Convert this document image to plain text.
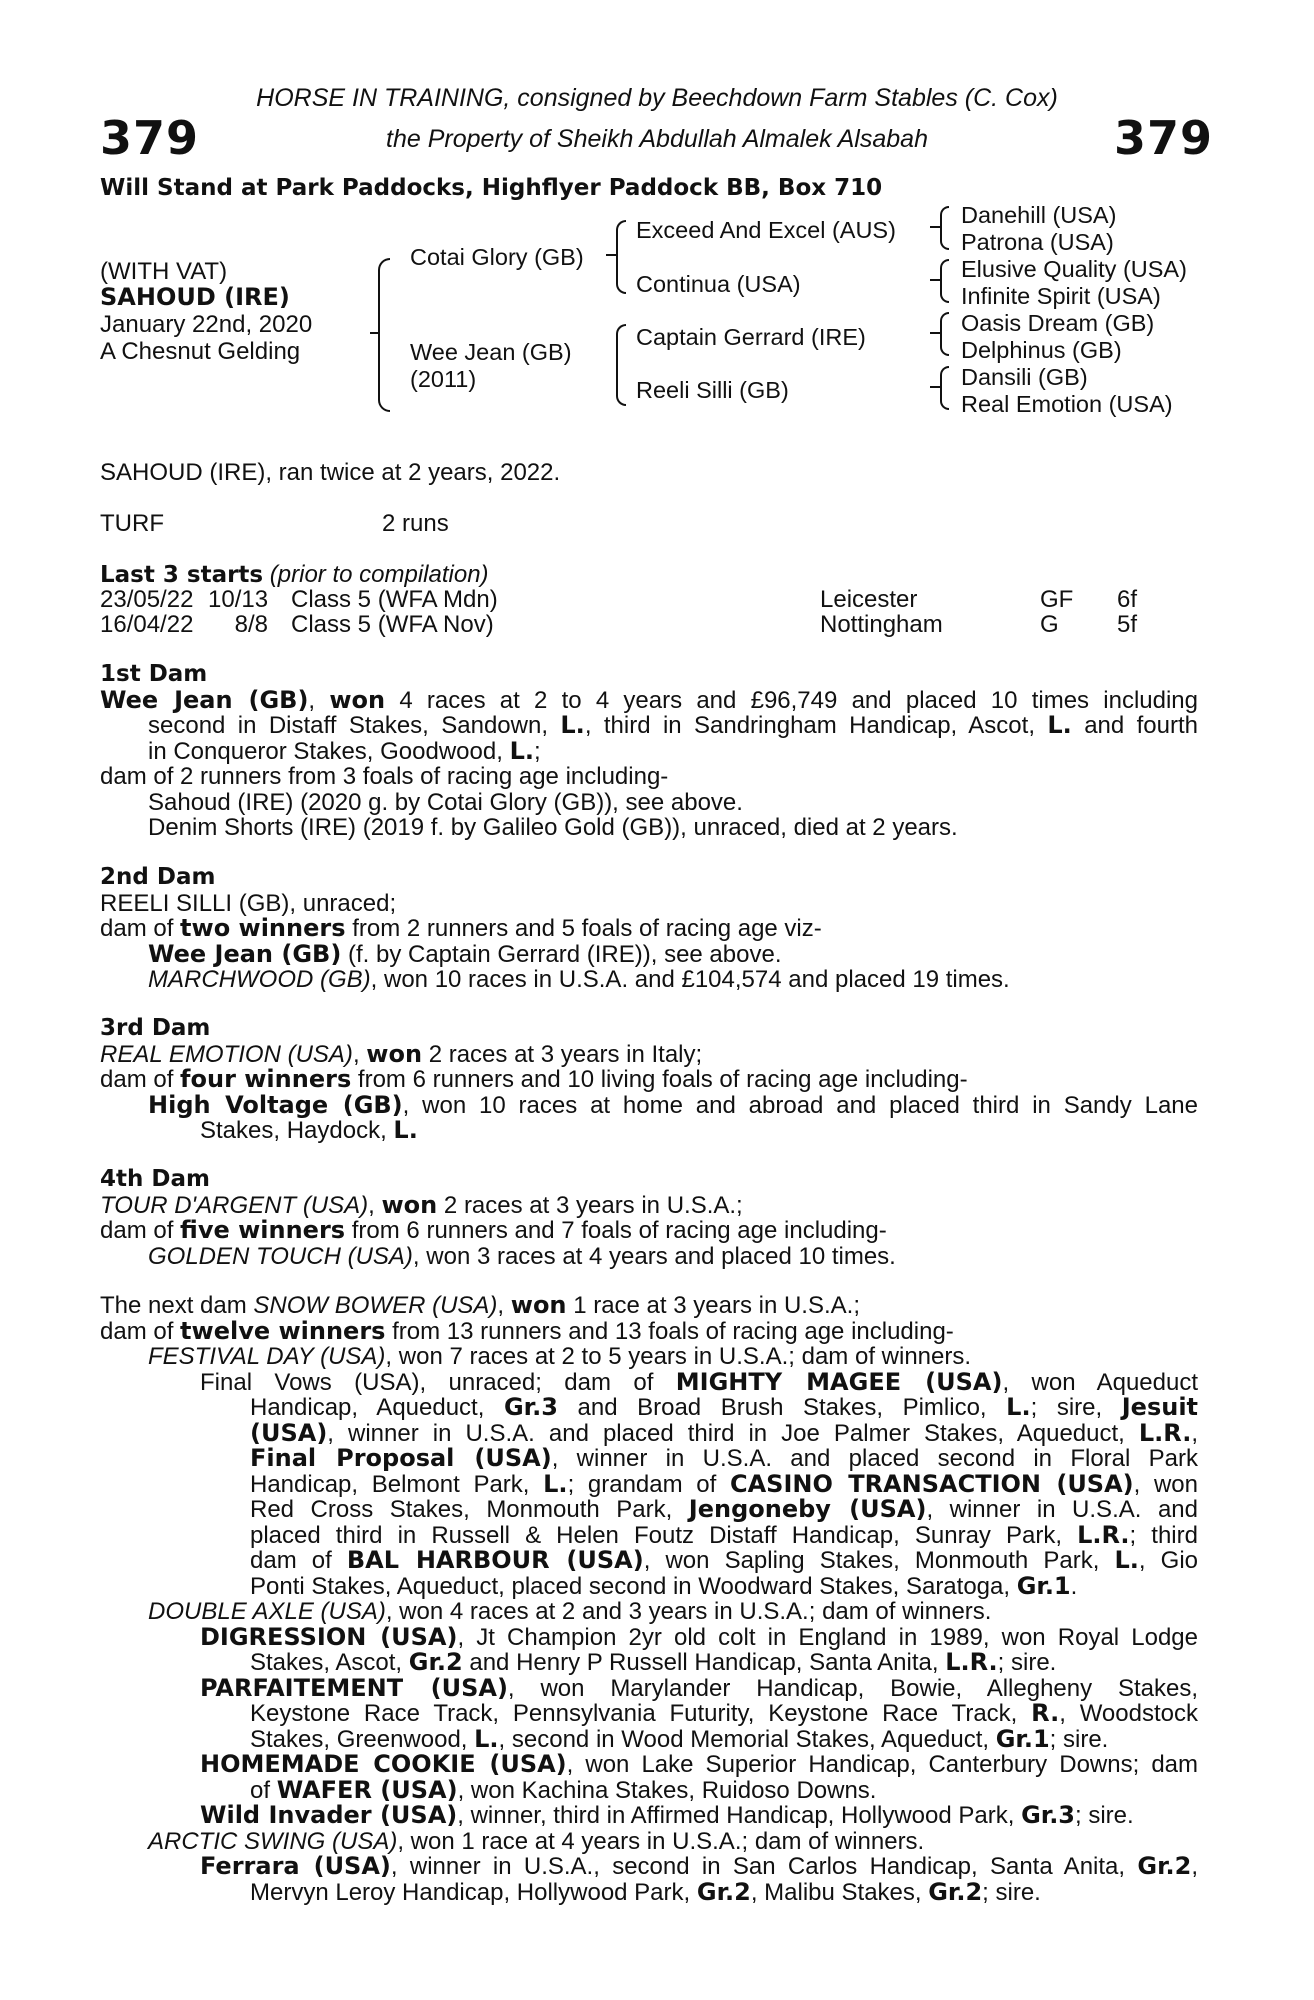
379	379
HORSE IN TRAINING, consigned by Beechdown Farm Stables (C. Cox)
the Property of Sheikh Abdullah Almalek Alsabah
Will Stand at Park Paddocks, Highflyer Paddock BB, Box 710
(WITH VAT)
SAHOUD (IRE)
January 22nd, 2020
A Chesnut Gelding
Cotai Glory (GB)
Wee Jean (GB)
(2011)
Exceed And Excel (AUS)
Continua (USA)
Captain Gerrard (IRE)
Reeli Silli (GB)
Danehill (USA)
Patrona (USA)
Elusive Quality (USA)
Infinite Spirit (USA)
Oasis Dream (GB)
Delphinus (GB)
Dansili (GB)
Real Emotion (USA)
SAHOUD (IRE), ran twice at 2 years, 2022.
TURF	2 runs
Last 3 starts (prior to compilation)
23/05/22 10/13 Class 5 (WFA Mdn)	Leicester	GF 6f
16/04/22	8/8 Class 5 (WFA Nov)	Nottingham	G 5f
1st Dam
Wee Jean (GB), won 4 races at 2 to 4 years and £96,749 and placed 10 times including
second in Distaff Stakes, Sandown, L., third in Sandringham Handicap, Ascot, L. and fourth
in Conqueror Stakes, Goodwood, L.;
dam of 2 runners from 3 foals of racing age including-
Sahoud (IRE) (2020 g. by Cotai Glory (GB)), see above.
Denim Shorts (IRE) (2019 f. by Galileo Gold (GB)), unraced, died at 2 years.
2nd Dam
REELI SILLI (GB), unraced;
dam of two winners from 2 runners and 5 foals of racing age viz-
Wee Jean (GB) (f. by Captain Gerrard (IRE)), see above.
MARCHWOOD (GB), won 10 races in U.S.A. and £104,574 and placed 19 times.
3rd Dam
REAL EMOTION (USA), won 2 races at 3 years in Italy;
dam of four winners from 6 runners and 10 living foals of racing age including-
High Voltage (GB), won 10 races at home and abroad and placed third in Sandy Lane
Stakes, Haydock, L.
4th Dam
TOUR D'ARGENT (USA), won 2 races at 3 years in U.S.A.;
dam of five winners from 6 runners and 7 foals of racing age including-
GOLDEN TOUCH (USA), won 3 races at 4 years and placed 10 times.
The next dam SNOW BOWER (USA), won 1 race at 3 years in U.S.A.;
dam of twelve winners from 13 runners and 13 foals of racing age including-
FESTIVAL DAY (USA), won 7 races at 2 to 5 years in U.S.A.; dam of winners.
Final Vows (USA), unraced; dam of MIGHTY MAGEE (USA), won Aqueduct
Handicap, Aqueduct, Gr.3 and Broad Brush Stakes, Pimlico, L.; sire, Jesuit
(USA), winner in U.S.A. and placed third in Joe Palmer Stakes, Aqueduct, L.R.,
Final Proposal (USA), winner in U.S.A. and placed second in Floral Park
Handicap, Belmont Park, L.; grandam of CASINO TRANSACTION (USA), won
Red Cross Stakes, Monmouth Park, Jengoneby (USA), winner in U.S.A. and
placed third in Russell & Helen Foutz Distaff Handicap, Sunray Park, L.R.; third
dam of BAL HARBOUR (USA), won Sapling Stakes, Monmouth Park, L., Gio
Ponti Stakes, Aqueduct, placed second in Woodward Stakes, Saratoga, Gr.1.
DOUBLE AXLE (USA), won 4 races at 2 and 3 years in U.S.A.; dam of winners.
DIGRESSION (USA), Jt Champion 2yr old colt in England in 1989, won Royal Lodge
Stakes, Ascot, Gr.2 and Henry P Russell Handicap, Santa Anita, L.R.; sire.
PARFAITEMENT (USA), won Marylander Handicap, Bowie, Allegheny Stakes,
Keystone Race Track, Pennsylvania Futurity, Keystone Race Track, R., Woodstock
Stakes, Greenwood, L., second in Wood Memorial Stakes, Aqueduct, Gr.1; sire.
HOMEMADE COOKIE (USA), won Lake Superior Handicap, Canterbury Downs; dam
of WAFER (USA), won Kachina Stakes, Ruidoso Downs.
Wild Invader (USA), winner, third in Affirmed Handicap, Hollywood Park, Gr.3; sire.
ARCTIC SWING (USA), won 1 race at 4 years in U.S.A.; dam of winners.
Ferrara (USA), winner in U.S.A., second in San Carlos Handicap, Santa Anita, Gr.2,
Mervyn Leroy Handicap, Hollywood Park, Gr.2, Malibu Stakes, Gr.2; sire.
